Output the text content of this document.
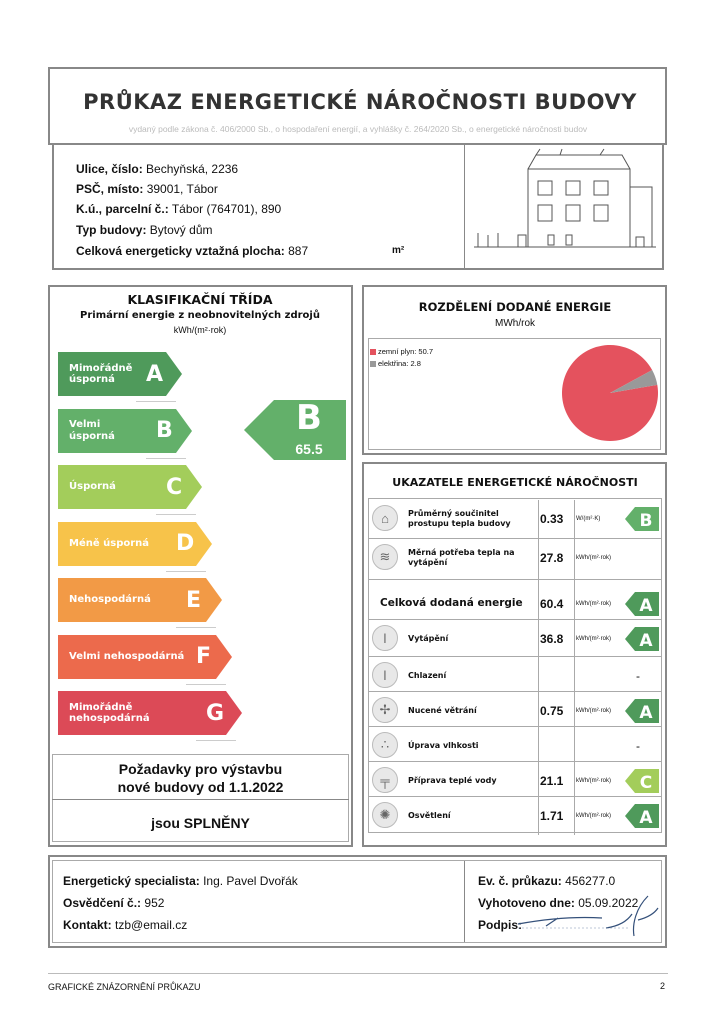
PRŮKAZ ENERGETICKÉ NÁROČNOSTI BUDOVY
vydaný podle zákona č. 406/2000 Sb., o hospodaření energií, a vyhlášky č. 264/2020 Sb., o energetické náročnosti budov
Ulice, číslo: Bechyňská, 2236
PSČ, místo: 39001, Tábor
K.ú., parcelní č.: Tábor (764701), 890
Typ budovy: Bytový dům
Celková energeticky vztažná plocha: 887	m²
KLASIFIKAČNÍ TŘÍDA
Primární energie z neobnovitelných zdrojů
kWh/(m²·rok)
Mimořádně úsporná	A
Velmi úsporná	B
Úsporná	C
Méně úsporná	D
Nehospodárná	E
Velmi nehospodárná F
Mimořádně nehospodárná	G
B
65.5
Požadavky pro výstavbu
nové budovy od 1.1.2022
jsou SPLNĚNY
ROZDĚLENÍ DODANÉ ENERGIE
MWh/rok
zemní plyn: 50.7
elektřina: 2.8
UKAZATELE ENERGETICKÉ NÁROČNOSTI
⌂	Průměrný součinitel prostupu tepla budovy	0.33	W/(m²·K)	B
≋	Měrná potřeba tepla na vytápění	27.8	kWh/(m²·rok)
Celková dodaná energie	60.4	kWh/(m²·rok)	A
ǀ	Vytápění	36.8	kWh/(m²·rok)	A
ǀ	Chlazení	-
✢	Nucené větrání	0.75	kWh/(m²·rok)	A
∴	Úprava vlhkosti	-
╤	Příprava teplé vody	21.1	kWh/(m²·rok)	C
✺	Osvětlení	1.71	kWh/(m²·rok)	A
Energetický specialista: Ing. Pavel Dvořák
Osvědčení č.: 952
Kontakt: tzb@email.cz
Ev. č. průkazu: 456277.0
Vyhotoveno dne: 05.09.2022
Podpis:
GRAFICKÉ ZNÁZORNĚNÍ PRŮKAZU	2
